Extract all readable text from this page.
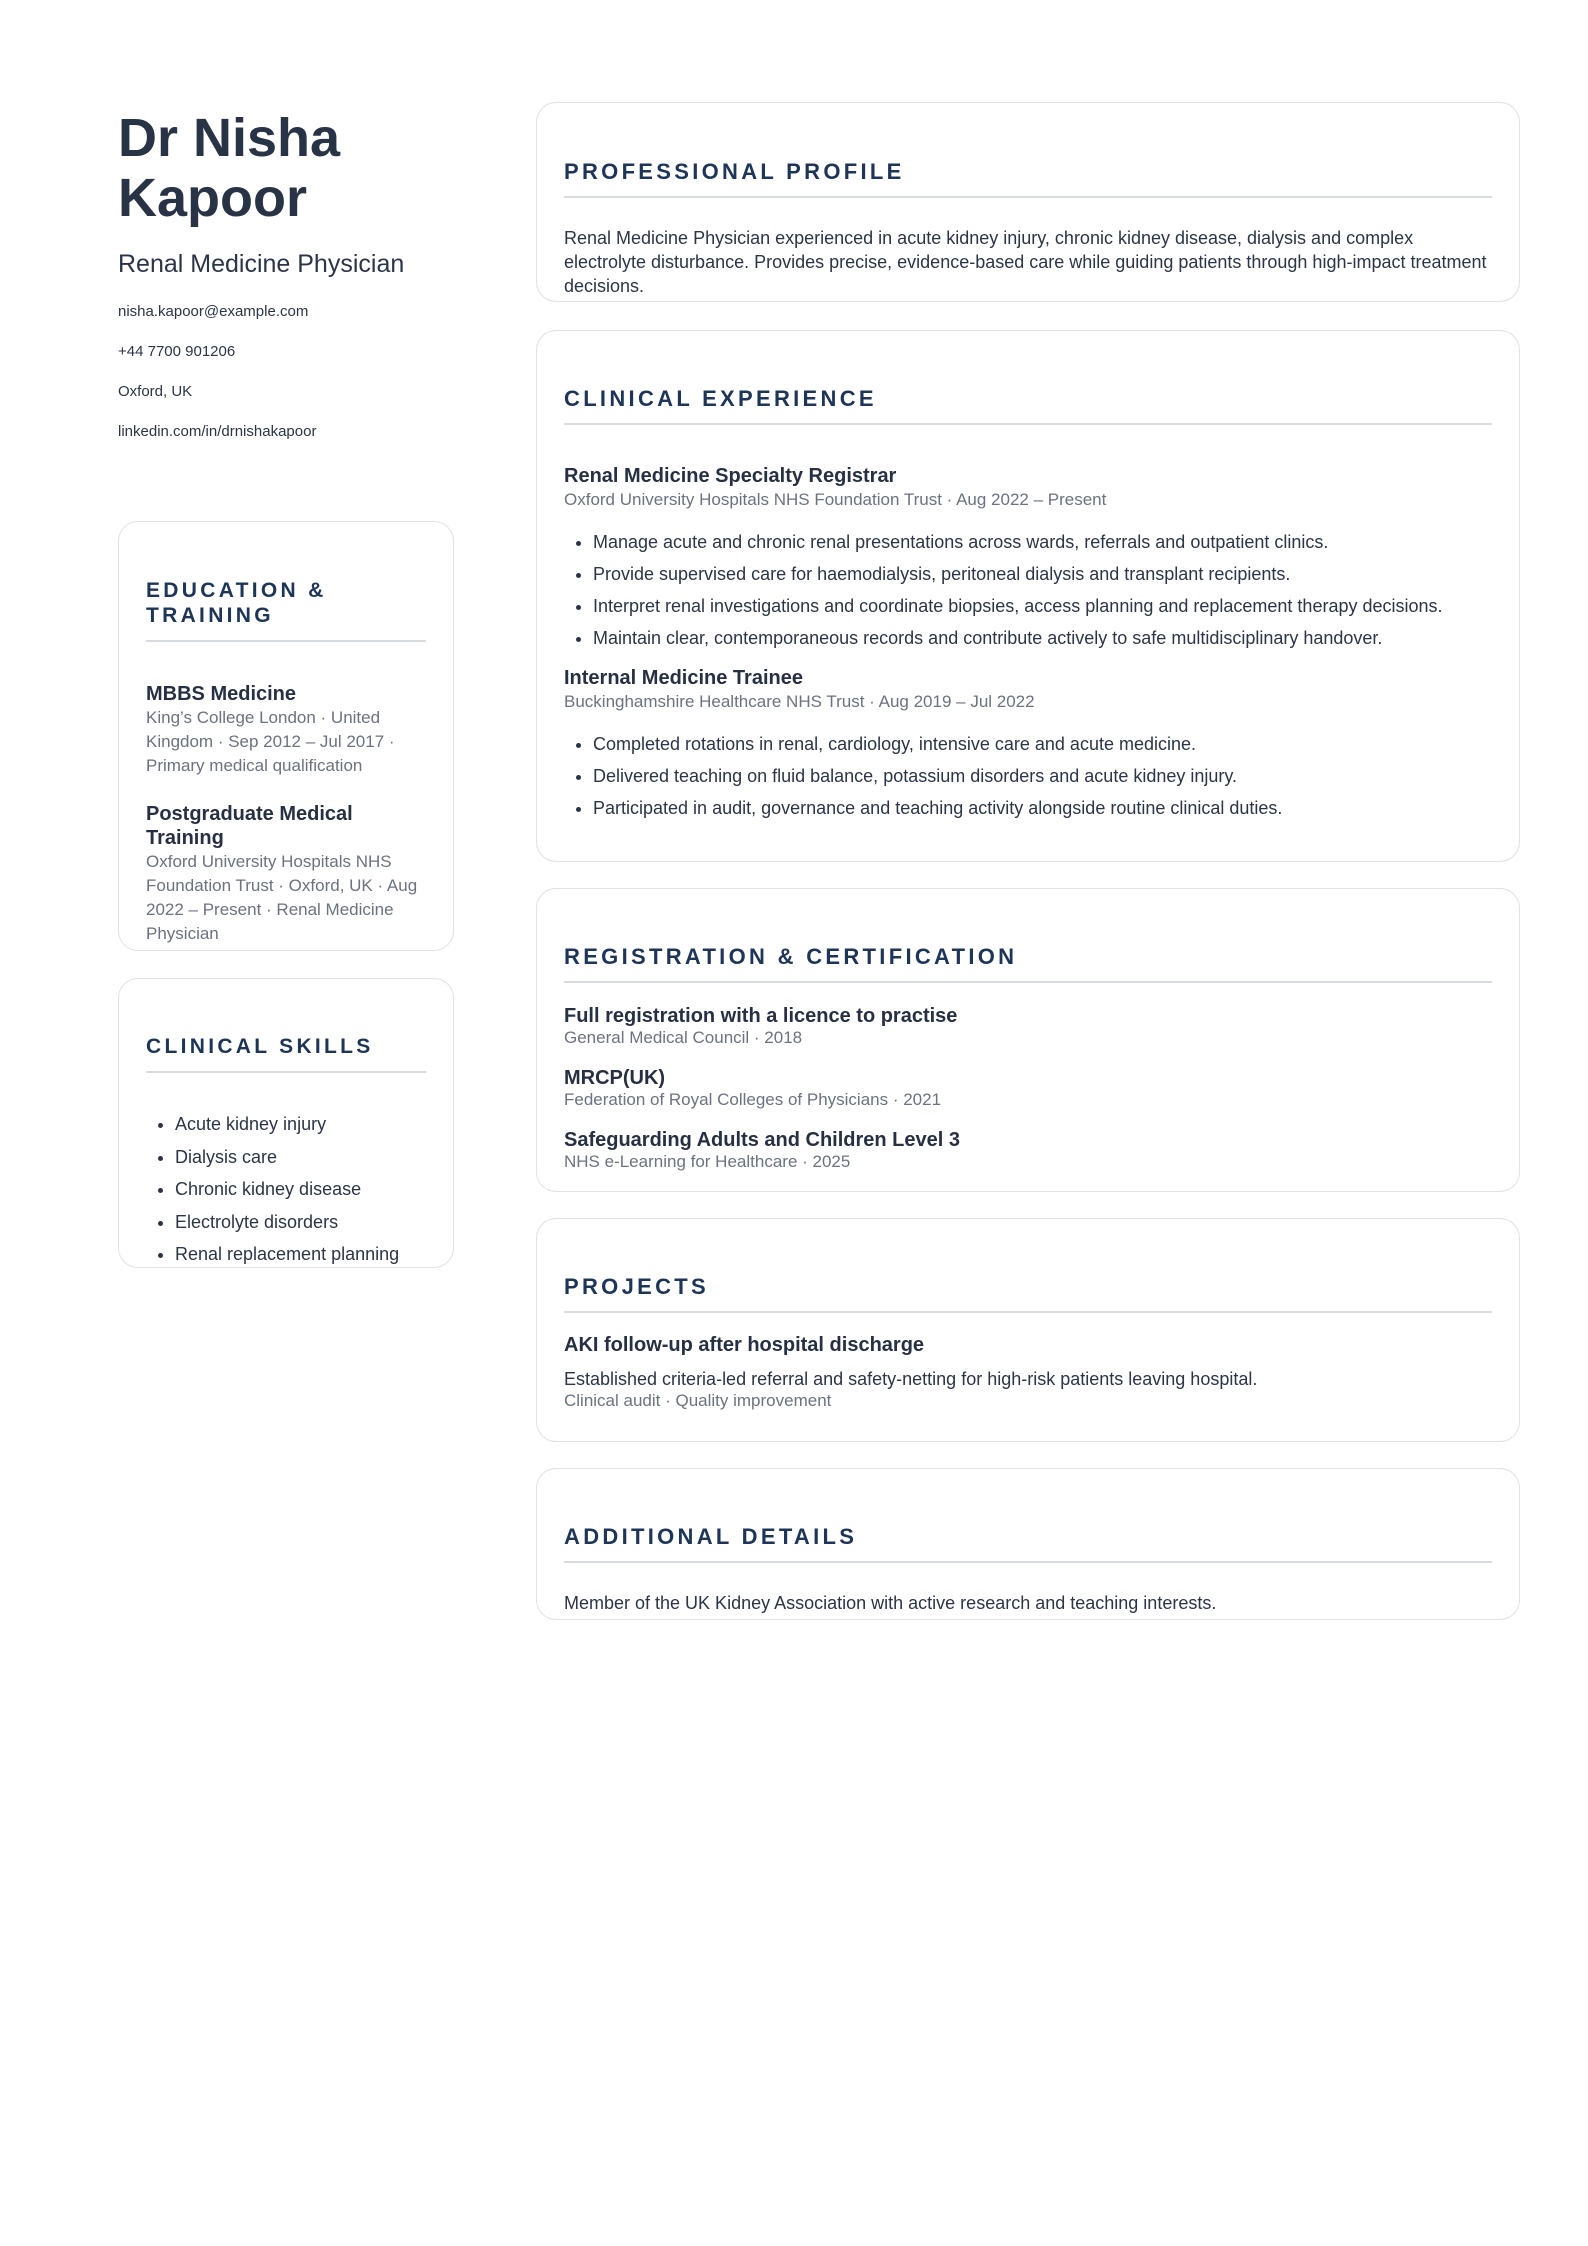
Dr Nisha
Kapoor
Renal Medicine Physician
nisha.kapoor@example.com
+44 7700 901206
Oxford, UK
linkedin.com/in/drnishakapoor
EDUCATION & TRAINING
MBBS Medicine
King’s College London · United Kingdom · Sep 2012 – Jul 2017 · Primary medical qualification
Postgraduate Medical Training
Oxford University Hospitals NHS Foundation Trust · Oxford, UK · Aug 2022 – Present · Renal Medicine Physician
CLINICAL SKILLS
• Acute kidney injury
• Dialysis care
• Chronic kidney disease
• Electrolyte disorders
• Renal replacement planning
PROFESSIONAL PROFILE
Renal Medicine Physician experienced in acute kidney injury, chronic kidney disease, dialysis and complex electrolyte disturbance. Provides precise, evidence-based care while guiding patients through high-impact treatment decisions.
CLINICAL EXPERIENCE
Renal Medicine Specialty Registrar
Oxford University Hospitals NHS Foundation Trust · Aug 2022 – Present
• Manage acute and chronic renal presentations across wards, referrals and outpatient clinics.
• Provide supervised care for haemodialysis, peritoneal dialysis and transplant recipients.
• Interpret renal investigations and coordinate biopsies, access planning and replacement therapy decisions.
• Maintain clear, contemporaneous records and contribute actively to safe multidisciplinary handover.
Internal Medicine Trainee
Buckinghamshire Healthcare NHS Trust · Aug 2019 – Jul 2022
• Completed rotations in renal, cardiology, intensive care and acute medicine.
• Delivered teaching on fluid balance, potassium disorders and acute kidney injury.
• Participated in audit, governance and teaching activity alongside routine clinical duties.
REGISTRATION & CERTIFICATION
Full registration with a licence to practise
General Medical Council · 2018
MRCP(UK)
Federation of Royal Colleges of Physicians · 2021
Safeguarding Adults and Children Level 3
NHS e-Learning for Healthcare · 2025
PROJECTS
AKI follow-up after hospital discharge
Established criteria-led referral and safety-netting for high-risk patients leaving hospital.
Clinical audit · Quality improvement
ADDITIONAL DETAILS
Member of the UK Kidney Association with active research and teaching interests.
